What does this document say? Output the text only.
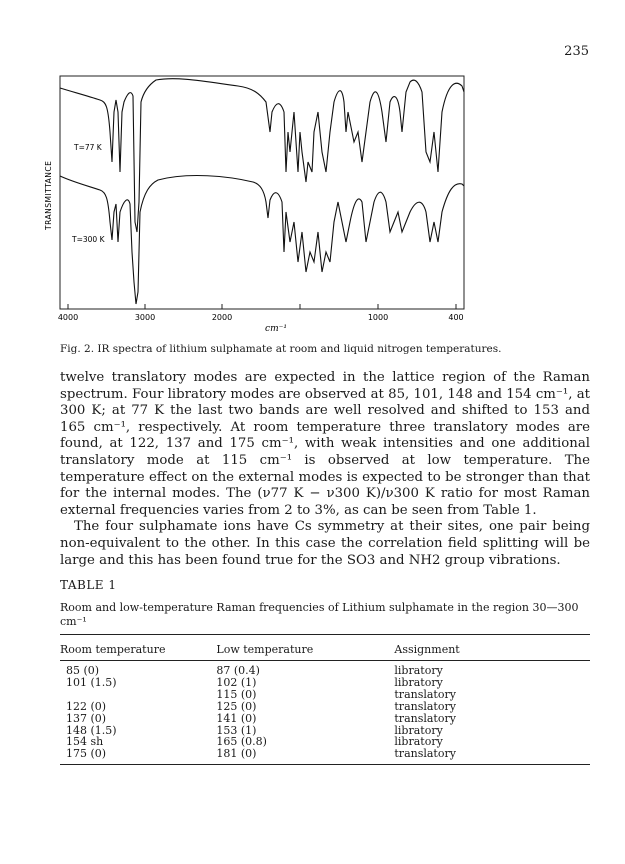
235
T=77 K
T=300 K
TRANSMITTANCE
4000	3000	2000	1000	400
cm⁻¹
Fig. 2. IR spectra of lithium sulphamate at room and liquid nitrogen temperatures.

twelve translatory modes are expected in the lattice region of the Raman spectrum. Four libratory modes are observed at 85, 101, 148 and 154 cm⁻¹, at 300 K; at 77 K the last two bands are well resolved and shifted to 153 and 165 cm⁻¹, respectively. At room temperature three translatory modes are found, at 122, 137 and 175 cm⁻¹, with weak intensities and one additional translatory mode at 115 cm⁻¹ is observed at low temperature. The temperature effect on the external modes is expected to be stronger than that for the internal modes. The (ν77 K − ν300 K)/ν300 K ratio for most Raman external frequencies varies from 2 to 3%, as can be seen from Table 1.

The four sulphamate ions have Cs symmetry at their sites, one pair being non-equivalent to the other. In this case the correlation field splitting will be large and this has been found true for the SO3 and NH2 group vibrations.

TABLE 1
Room and low-temperature Raman frequencies of Lithium sulphamate in the region 30—300 cm⁻¹
Room temperature	Low temperature	Assignment
85 (0)	87 (0.4)	libratory
101 (1.5)	102 (1)	libratory
	115 (0)	translatory
122 (0)	125 (0)	translatory
137 (0)	141 (0)	translatory
148 (1.5)	153 (1)	libratory
154 sh	165 (0.8)	libratory
175 (0)	181 (0)	translatory
